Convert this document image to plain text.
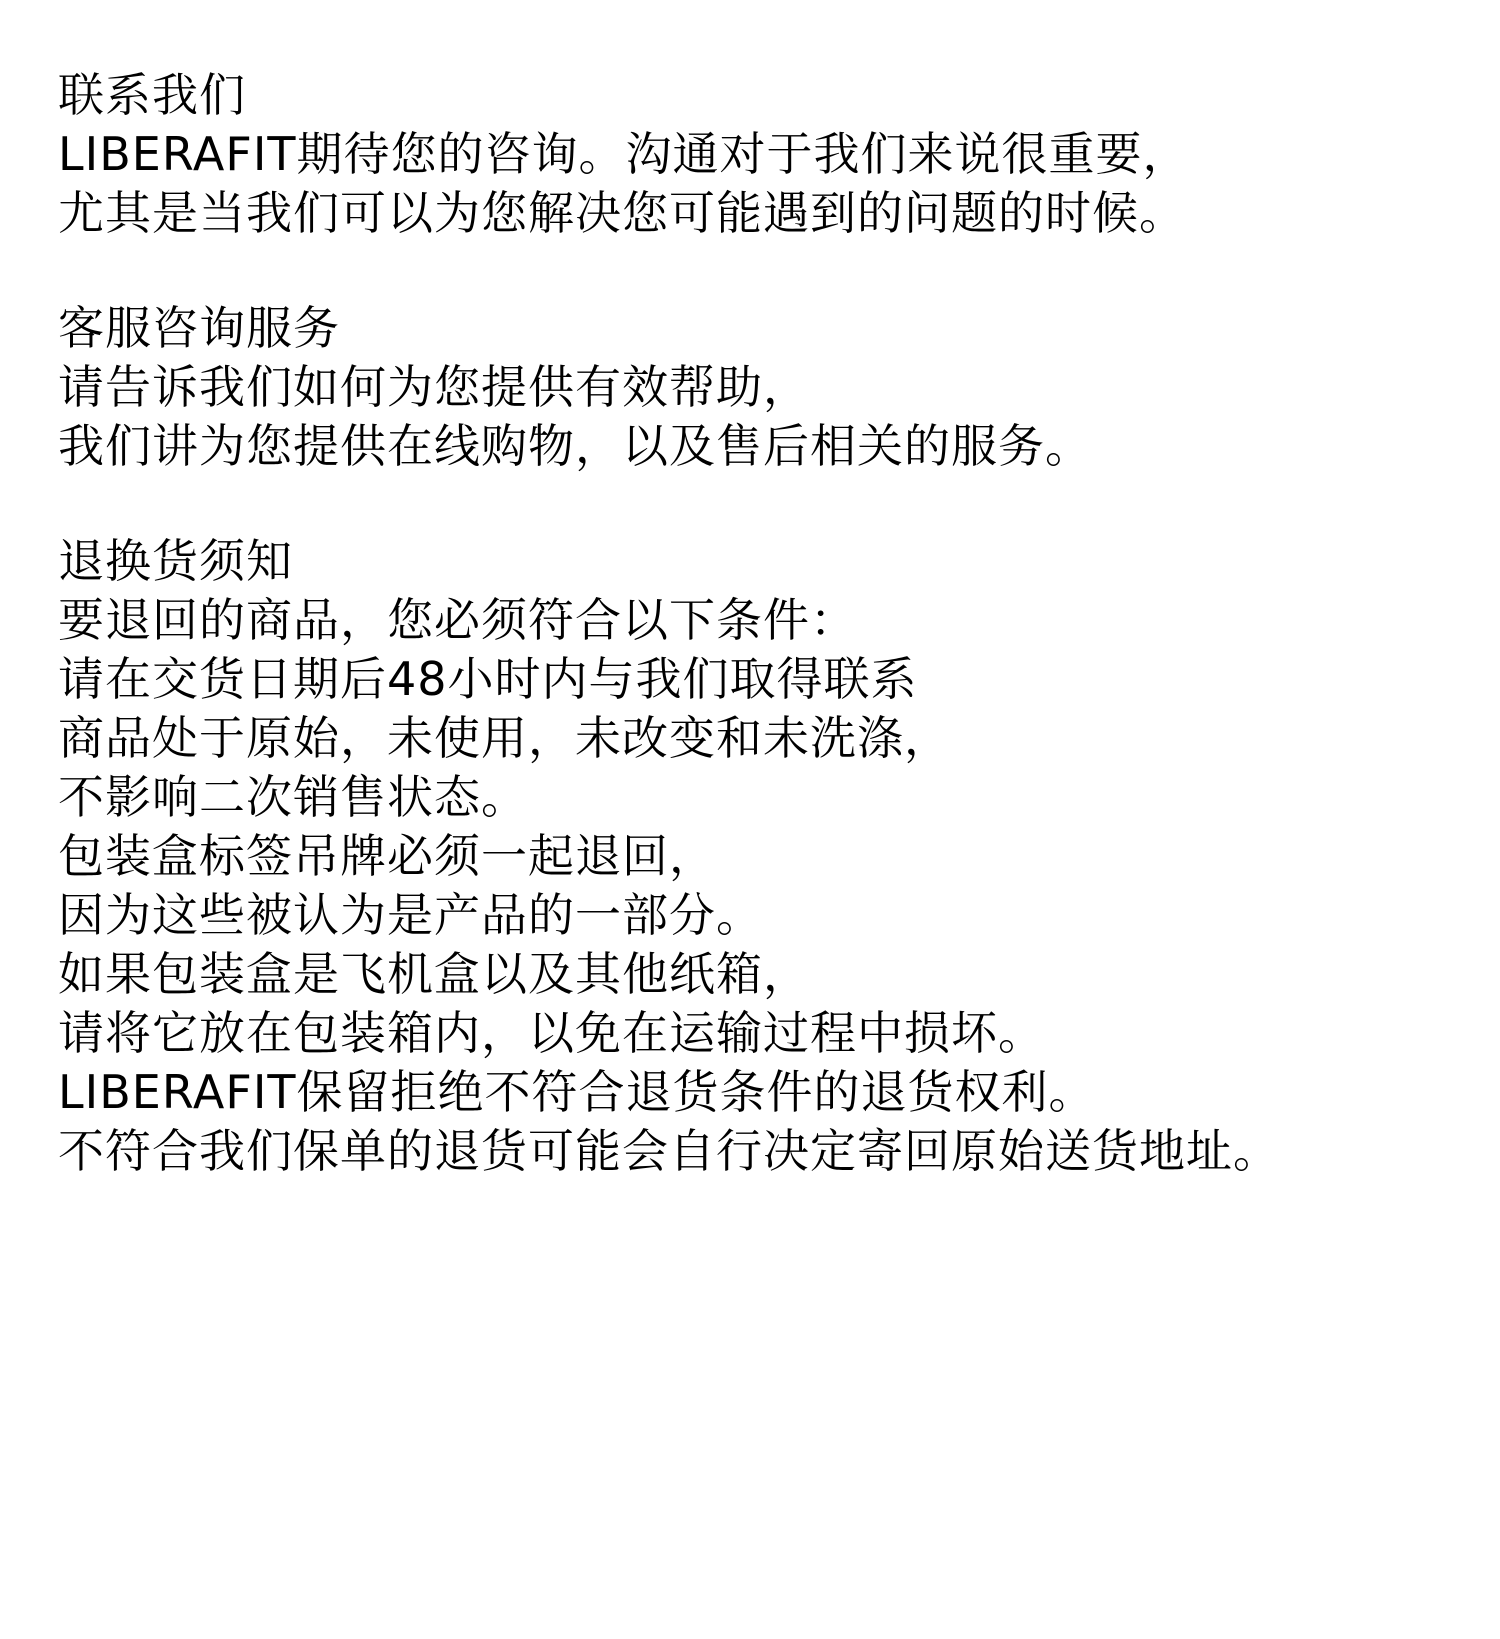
联系我们
LIBERAFIT期待您的咨询。沟通对于我们来说很重要，
尤其是当我们可以为您解决您可能遇到的问题的时候。
客服咨询服务
请告诉我们如何为您提供有效帮助，
我们讲为您提供在线购物，以及售后相关的服务。
退换货须知
要退回的商品，您必须符合以下条件：
请在交货日期后48小时内与我们取得联系
商品处于原始，未使用，未改变和未洗涤，
不影响二次销售状态。
包装盒标签吊牌必须一起退回，
因为这些被认为是产品的一部分。
如果包装盒是飞机盒以及其他纸箱，
请将它放在包装箱内，以免在运输过程中损坏。
LIBERAFIT保留拒绝不符合退货条件的退货权利。
不符合我们保单的退货可能会自行决定寄回原始送货地址。
